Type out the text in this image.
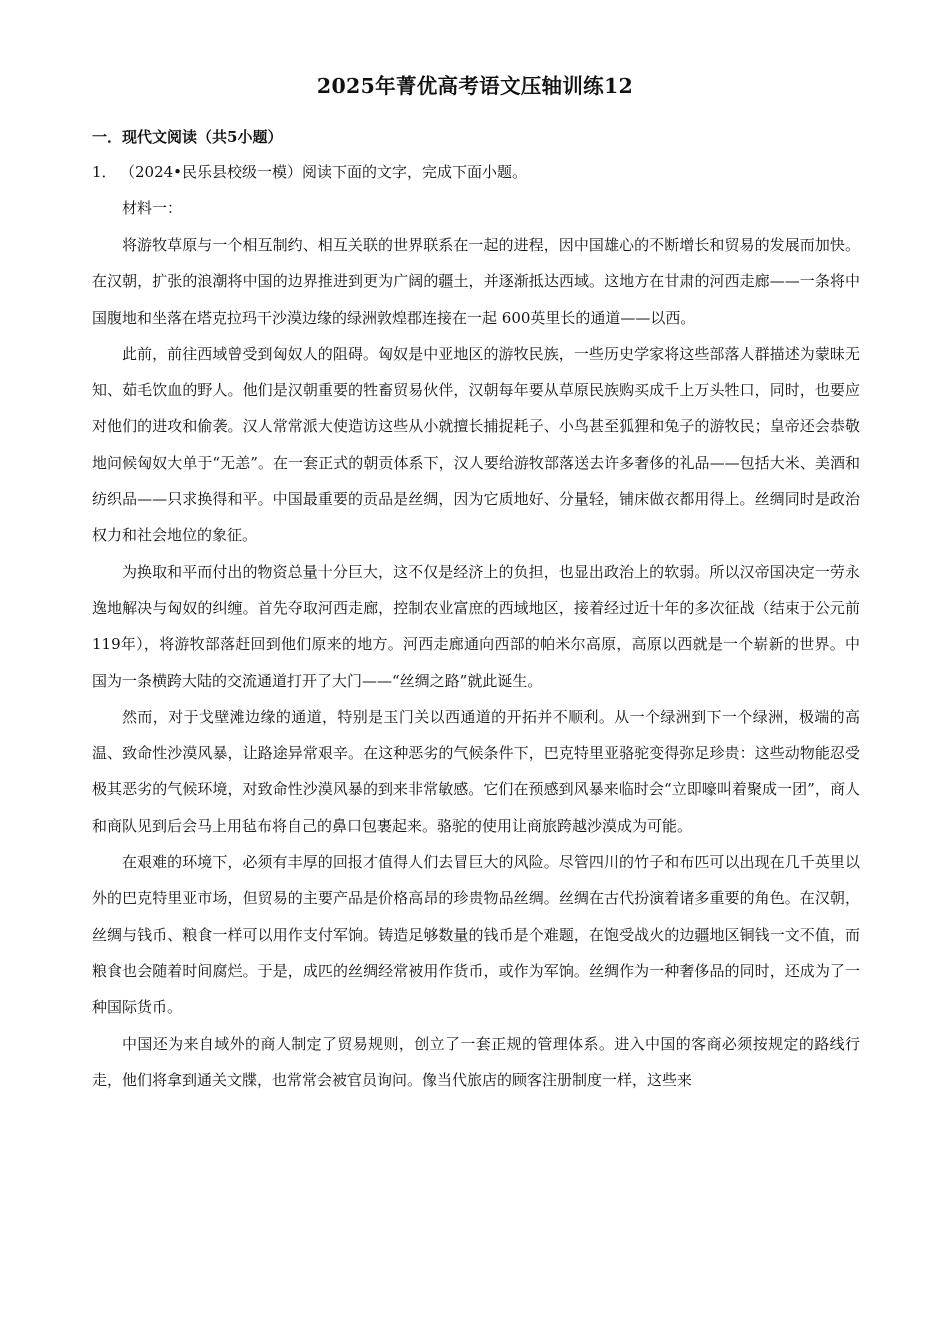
2025年菁优高考语文压轴训练12
一．现代文阅读（共5小题）
1． （2024•民乐县校级一模）阅读下面的文字，完成下面小题。
材料一：

将游牧草原与一个相互制约、相互关联的世界联系在一起的进程，因中国雄心的不断增长和贸易的发展而加快。在汉朝，扩张的浪潮将中国的边界推进到更为广阔的疆土，并逐渐抵达西域。这地方在甘肃的河西走廊——一条将中国腹地和坐落在塔克拉玛干沙漠边缘的绿洲敦煌郡连接在一起 600英里长的通道——以西。

此前，前往西域曾受到匈奴人的阻碍。匈奴是中亚地区的游牧民族，一些历史学家将这些部落人群描述为蒙昧无知、茹毛饮血的野人。他们是汉朝重要的牲畜贸易伙伴，汉朝每年要从草原民族购买成千上万头牲口，同时，也要应对他们的进攻和偷袭。汉人常常派大使造访这些从小就擅长捕捉耗子、小鸟甚至狐狸和兔子的游牧民；皇帝还会恭敬地问候匈奴大单于“无恙”。在一套正式的朝贡体系下，汉人要给游牧部落送去许多奢侈的礼品——包括大米、美酒和纺织品——只求换得和平。中国最重要的贡品是丝绸，因为它质地好、分量轻，铺床做衣都用得上。丝绸同时是政治权力和社会地位的象征。

为换取和平而付出的物资总量十分巨大，这不仅是经济上的负担，也显出政治上的软弱。所以汉帝国决定一劳永逸地解决与匈奴的纠缠。首先夺取河西走廊，控制农业富庶的西域地区，接着经过近十年的多次征战（结束于公元前119年），将游牧部落赶回到他们原来的地方。河西走廊通向西部的帕米尔高原，高原以西就是一个崭新的世界。中国为一条横跨大陆的交流通道打开了大门——“丝绸之路”就此诞生。

然而，对于戈壁滩边缘的通道，特别是玉门关以西通道的开拓并不顺利。从一个绿洲到下一个绿洲，极端的高温、致命性沙漠风暴，让路途异常艰辛。在这种恶劣的气候条件下，巴克特里亚骆驼变得弥足珍贵：这些动物能忍受极其恶劣的气候环境，对致命性沙漠风暴的到来非常敏感。它们在预感到风暴来临时会“立即嚎叫着聚成一团”，商人和商队见到后会马上用毡布将自己的鼻口包裹起来。骆驼的使用让商旅跨越沙漠成为可能。

在艰难的环境下，必须有丰厚的回报才值得人们去冒巨大的风险。尽管四川的竹子和布匹可以出现在几千英里以外的巴克特里亚市场，但贸易的主要产品是价格高昂的珍贵物品丝绸。丝绸在古代扮演着诸多重要的角色。在汉朝，丝绸与钱币、粮食一样可以用作支付军饷。铸造足够数量的钱币是个难题，在饱受战火的边疆地区铜钱一文不值，而粮食也会随着时间腐烂。于是，成匹的丝绸经常被用作货币，或作为军饷。丝绸作为一种奢侈品的同时，还成为了一种国际货币。

中国还为来自域外的商人制定了贸易规则，创立了一套正规的管理体系。进入中国的客商必须按规定的路线行走，他们将拿到通关文牒，也常常会被官员询问。像当代旅店的顾客注册制度一样，这些来
